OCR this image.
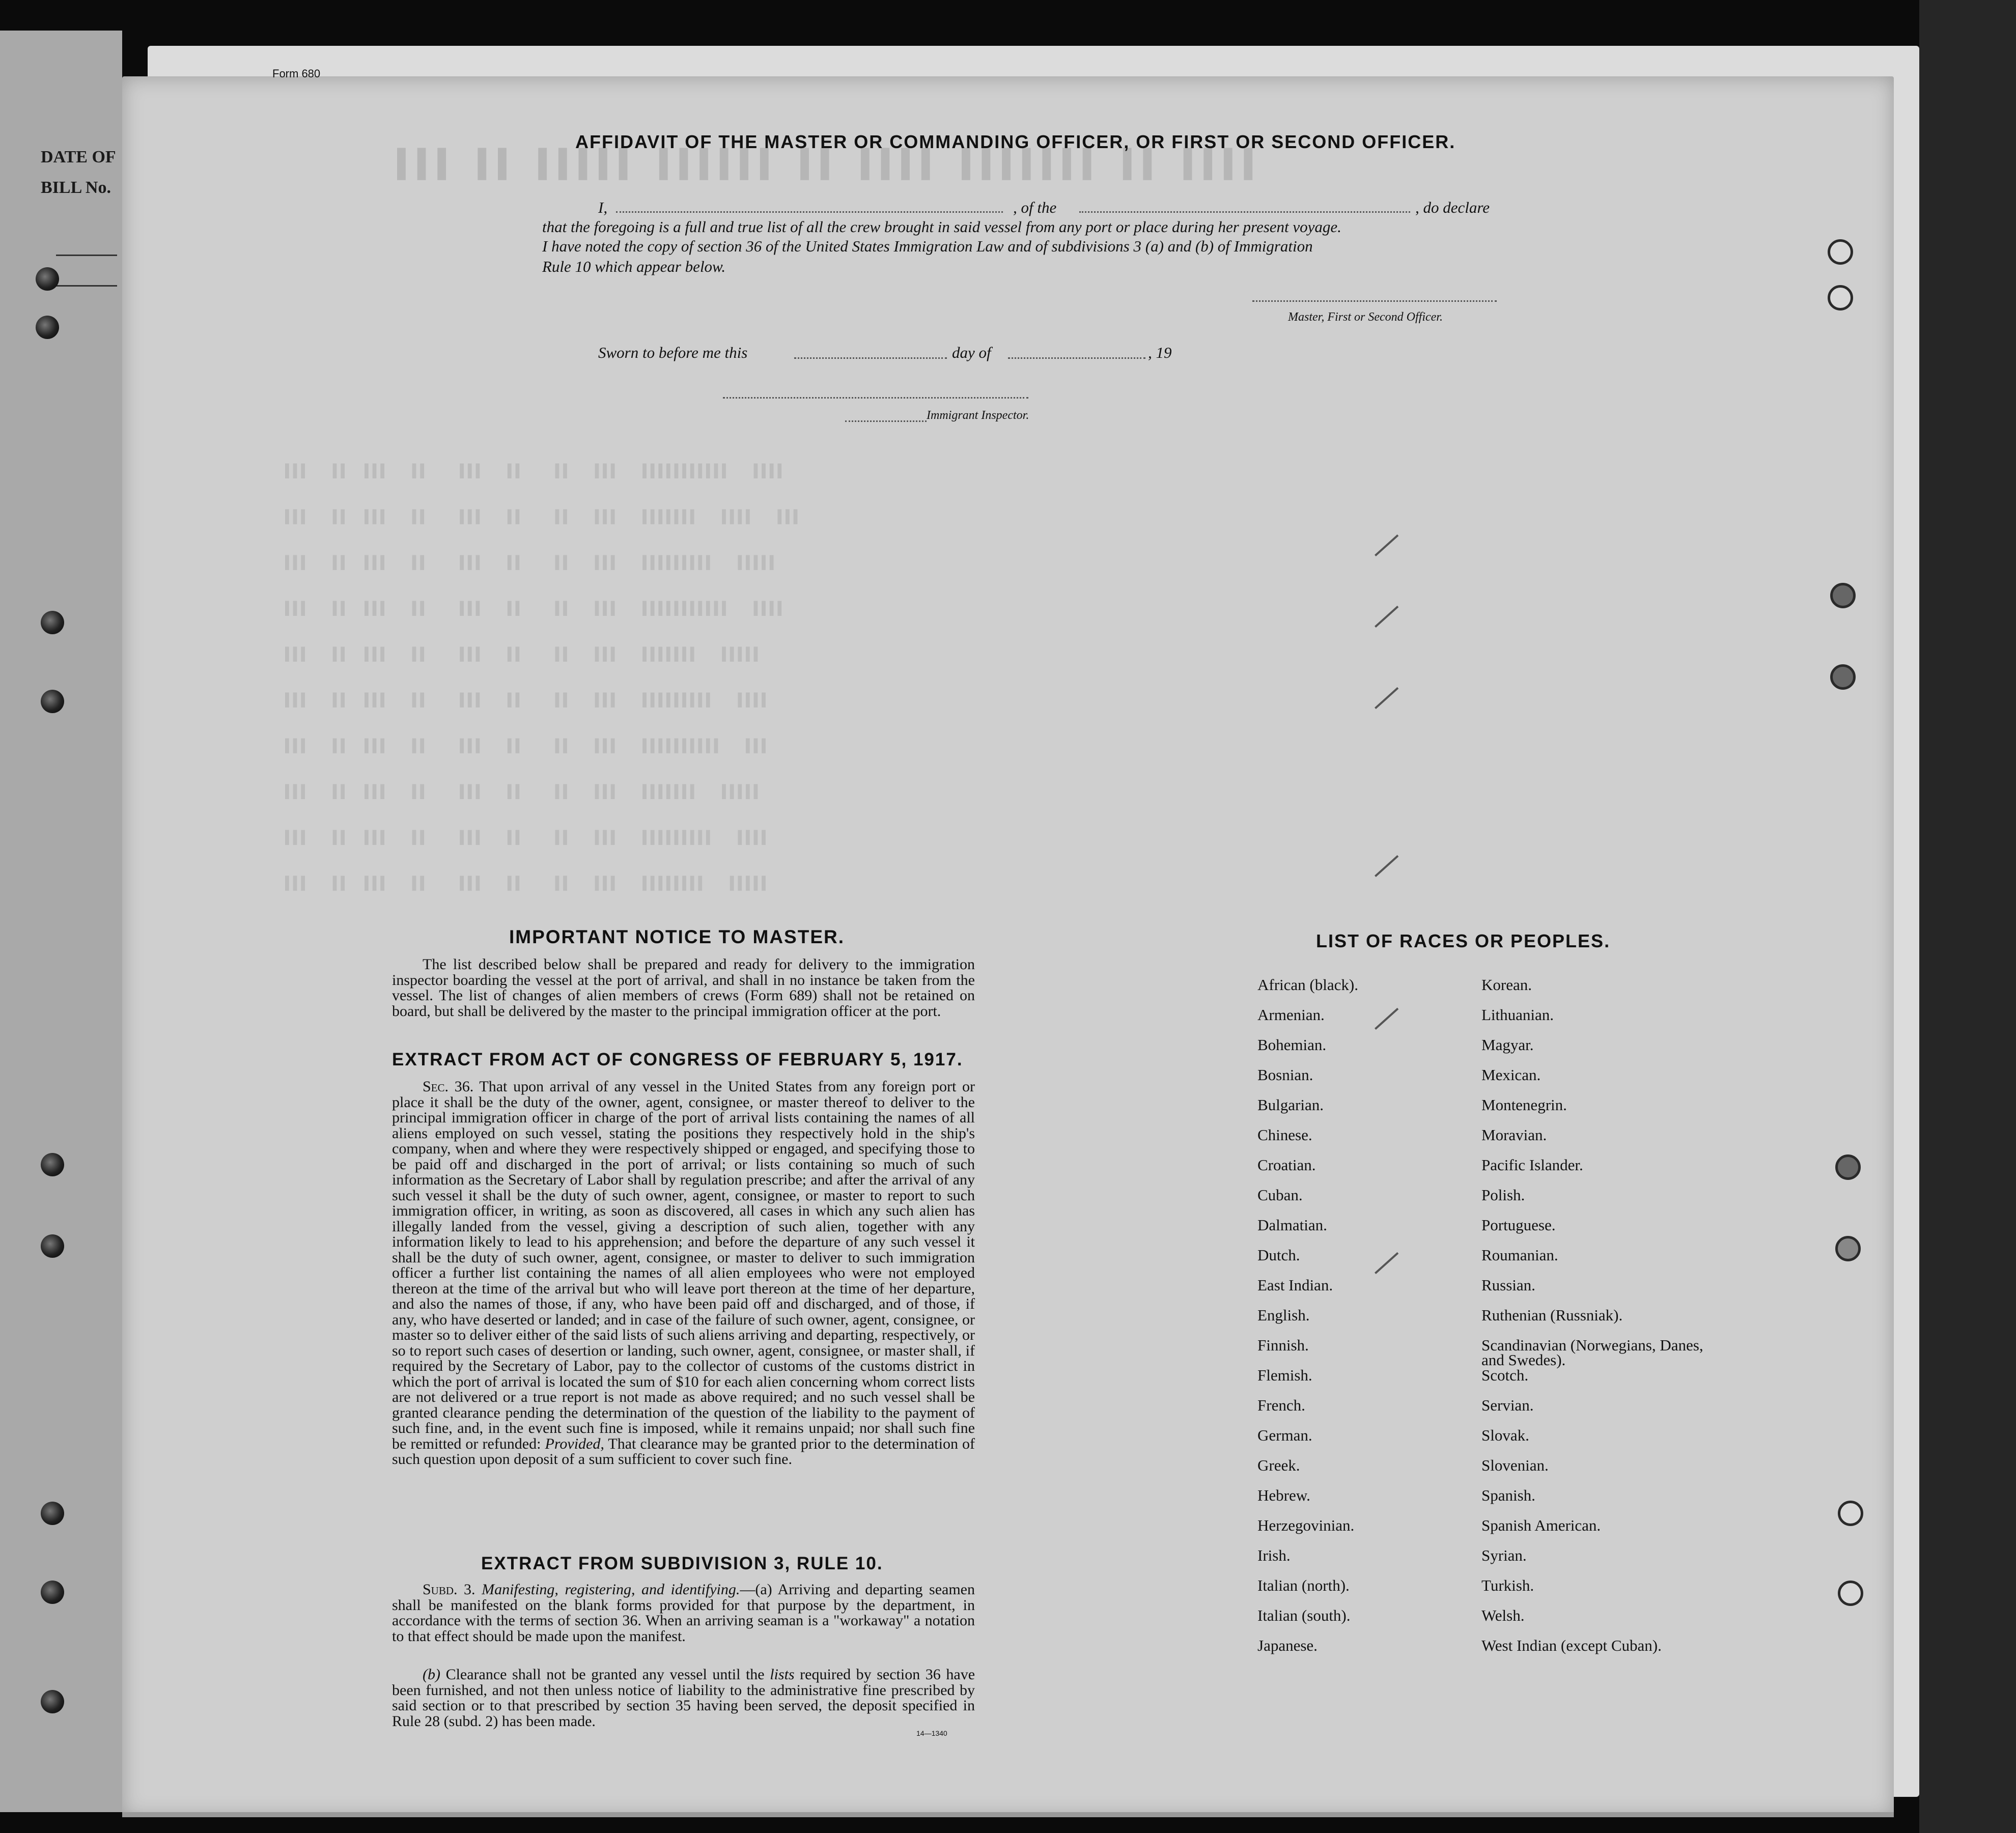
DATE OF
BILL No.
▌▌▌ ▌▌ ▌▌▌▌▌ ▌▌▌▌▌▌ ▌▌ ▌▌▌▌ ▌▌▌▌▌▌▌ ▌▌ ▌▌▌▌
▌▌▌   ▌▌  ▌▌▌   ▌▌    ▌▌▌   ▌▌    ▌▌   ▌▌▌   ▌▌▌▌▌▌▌▌▌▌▌   ▌▌▌▌
▌▌▌   ▌▌  ▌▌▌   ▌▌    ▌▌▌   ▌▌    ▌▌   ▌▌▌   ▌▌▌▌▌▌▌   ▌▌▌▌   ▌▌▌
▌▌▌   ▌▌  ▌▌▌   ▌▌    ▌▌▌   ▌▌    ▌▌   ▌▌▌   ▌▌▌▌▌▌▌▌▌   ▌▌▌▌▌
▌▌▌   ▌▌  ▌▌▌   ▌▌    ▌▌▌   ▌▌    ▌▌   ▌▌▌   ▌▌▌▌▌▌▌▌▌▌▌   ▌▌▌▌
▌▌▌   ▌▌  ▌▌▌   ▌▌    ▌▌▌   ▌▌    ▌▌   ▌▌▌   ▌▌▌▌▌▌▌   ▌▌▌▌▌
▌▌▌   ▌▌  ▌▌▌   ▌▌    ▌▌▌   ▌▌    ▌▌   ▌▌▌   ▌▌▌▌▌▌▌▌▌   ▌▌▌▌
▌▌▌   ▌▌  ▌▌▌   ▌▌    ▌▌▌   ▌▌    ▌▌   ▌▌▌   ▌▌▌▌▌▌▌▌▌▌   ▌▌▌
▌▌▌   ▌▌  ▌▌▌   ▌▌    ▌▌▌   ▌▌    ▌▌   ▌▌▌   ▌▌▌▌▌▌▌   ▌▌▌▌▌
▌▌▌   ▌▌  ▌▌▌   ▌▌    ▌▌▌   ▌▌    ▌▌   ▌▌▌   ▌▌▌▌▌▌▌▌▌   ▌▌▌▌
▌▌▌   ▌▌  ▌▌▌   ▌▌    ▌▌▌   ▌▌    ▌▌   ▌▌▌   ▌▌▌▌▌▌▌▌   ▌▌▌▌▌
Form 680
AFFIDAVIT OF THE MASTER OR COMMANDING OFFICER, OR FIRST OR SECOND OFFICER.
I,	, of the	, do declare
that the foregoing is a full and true list of all the crew brought in said vessel from any port or place during her present voyage.
I have noted the copy of section 36 of the United States Immigration Law and of subdivisions 3 (a) and (b) of Immigration
Rule 10 which appear below.
Master, First or Second Officer.
Sworn to before me this	day of	, 19
Immigrant Inspector.
IMPORTANT NOTICE TO MASTER.
The list described below shall be prepared and ready for delivery to the immigration inspector boarding the vessel at the port of arrival, and shall in no instance be taken from the vessel. The list of changes of alien members of crews (Form 689) shall not be retained on board, but shall be delivered by the master to the principal immigration officer at the port.
EXTRACT FROM ACT OF CONGRESS OF FEBRUARY 5, 1917.
Sec. 36. That upon arrival of any vessel in the United States from any foreign port or place it shall be the duty of the owner, agent, consignee, or master thereof to deliver to the principal immigration officer in charge of the port of arrival lists containing the names of all aliens employed on such vessel, stating the positions they respectively hold in the ship's company, when and where they were respectively shipped or engaged, and specifying those to be paid off and discharged in the port of arrival; or lists containing so much of such information as the Secretary of Labor shall by regulation prescribe; and after the arrival of any such vessel it shall be the duty of such owner, agent, consignee, or master to report to such immigration officer, in writing, as soon as discovered, all cases in which any such alien has illegally landed from the vessel, giving a description of such alien, together with any information likely to lead to his apprehension; and before the departure of any such vessel it shall be the duty of such owner, agent, consignee, or master to deliver to such immigration officer a further list containing the names of all alien employees who were not employed thereon at the time of the arrival but who will leave port thereon at the time of her departure, and also the names of those, if any, who have been paid off and discharged, and of those, if any, who have deserted or landed; and in case of the failure of such owner, agent, consignee, or master so to deliver either of the said lists of such aliens arriving and departing, respectively, or so to report such cases of desertion or landing, such owner, agent, consignee, or master shall, if required by the Secretary of Labor, pay to the collector of customs of the customs district in which the port of arrival is located the sum of $10 for each alien concerning whom correct lists are not delivered or a true report is not made as above required; and no such vessel shall be granted clearance pending the determination of the question of the liability to the payment of such fine, and, in the event such fine is imposed, while it remains unpaid; nor shall such fine be remitted or refunded: Provided, That clearance may be granted prior to the determination of such question upon deposit of a sum sufficient to cover such fine.
EXTRACT FROM SUBDIVISION 3, RULE 10.
Subd. 3. Manifesting, registering, and identifying.—(a) Arriving and departing seamen shall be manifested on the blank forms provided for that purpose by the department, in accordance with the terms of section 36. When an arriving seaman is a "workaway" a notation to that effect should be made upon the manifest.
(b) Clearance shall not be granted any vessel until the lists required by section 36 have been furnished, and not then unless notice of liability to the administrative fine prescribed by said section or to that prescribed by section 35 having been served, the deposit specified in Rule 28 (subd. 2) has been made.
14—1340
LIST OF RACES OR PEOPLES.
African (black).
Armenian.
Bohemian.
Bosnian.
Bulgarian.
Chinese.
Croatian.
Cuban.
Dalmatian.
Dutch.
East Indian.
English.
Finnish.
Flemish.
French.
German.
Greek.
Hebrew.
Herzegovinian.
Irish.
Italian (north).
Italian (south).
Japanese.
Korean.
Lithuanian.
Magyar.
Mexican.
Montenegrin.
Moravian.
Pacific Islander.
Polish.
Portuguese.
Roumanian.
Russian.
Ruthenian (Russniak).
Scandinavian (Norwegians, Danes, and Swedes).
Scotch.
Servian.
Slovak.
Slovenian.
Spanish.
Spanish American.
Syrian.
Turkish.
Welsh.
West Indian (except Cuban).
